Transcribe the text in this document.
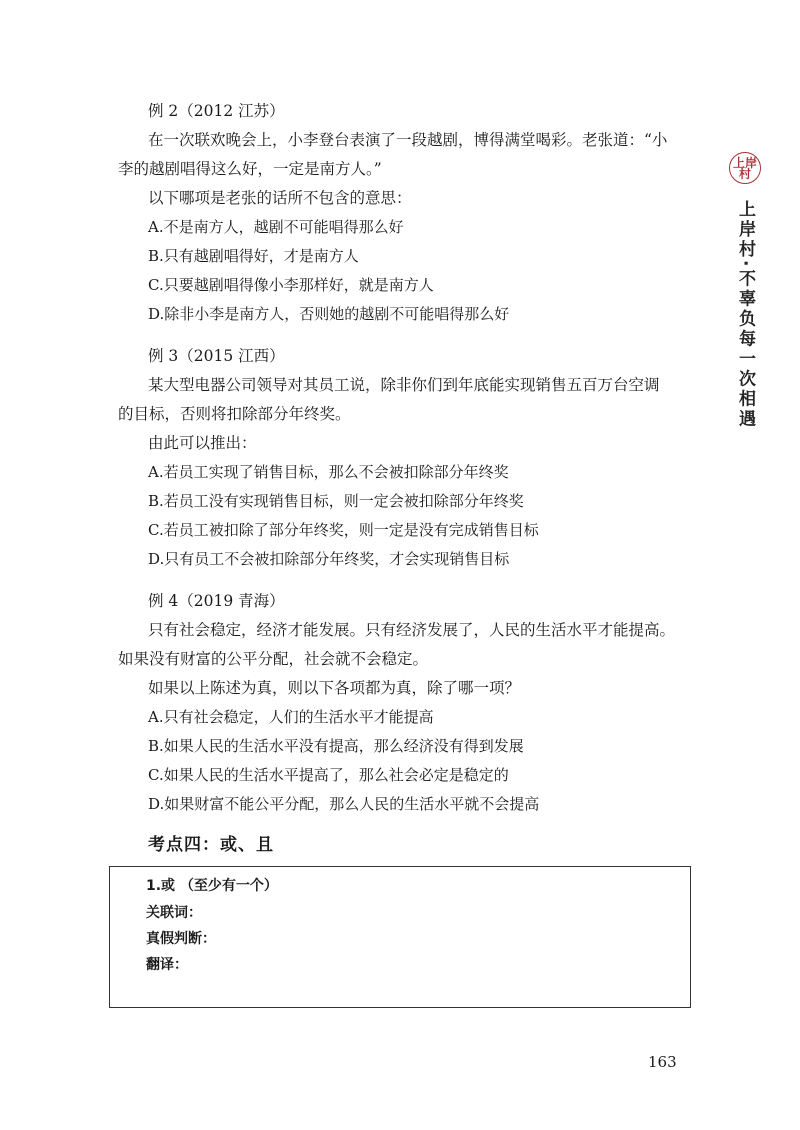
例 2（2012 江苏）
在一次联欢晚会上，小李登台表演了一段越剧，博得满堂喝彩。老张道：“小
李的越剧唱得这么好，一定是南方人。”
以下哪项是老张的话所不包含的意思：
A.不是南方人，越剧不可能唱得那么好
B.只有越剧唱得好，才是南方人
C.只要越剧唱得像小李那样好，就是南方人
D.除非小李是南方人，否则她的越剧不可能唱得那么好
例 3（2015 江西）
某大型电器公司领导对其员工说，除非你们到年底能实现销售五百万台空调
的目标，否则将扣除部分年终奖。
由此可以推出：
A.若员工实现了销售目标，那么不会被扣除部分年终奖
B.若员工没有实现销售目标，则一定会被扣除部分年终奖
C.若员工被扣除了部分年终奖，则一定是没有完成销售目标
D.只有员工不会被扣除部分年终奖，才会实现销售目标
例 4（2019 青海）
只有社会稳定，经济才能发展。只有经济发展了，人民的生活水平才能提高。
如果没有财富的公平分配，社会就不会稳定。
如果以上陈述为真，则以下各项都为真，除了哪一项？
A.只有社会稳定，人们的生活水平才能提高
B.如果人民的生活水平没有提高，那么经济没有得到发展
C.如果人民的生活水平提高了，那么社会必定是稳定的
D.如果财富不能公平分配，那么人民的生活水平就不会提高
考点四：或、且
1.或 （至少有一个）
关联词：
真假判断：
翻译：
上岸村
上岸村·不辜负每一次相遇
163
